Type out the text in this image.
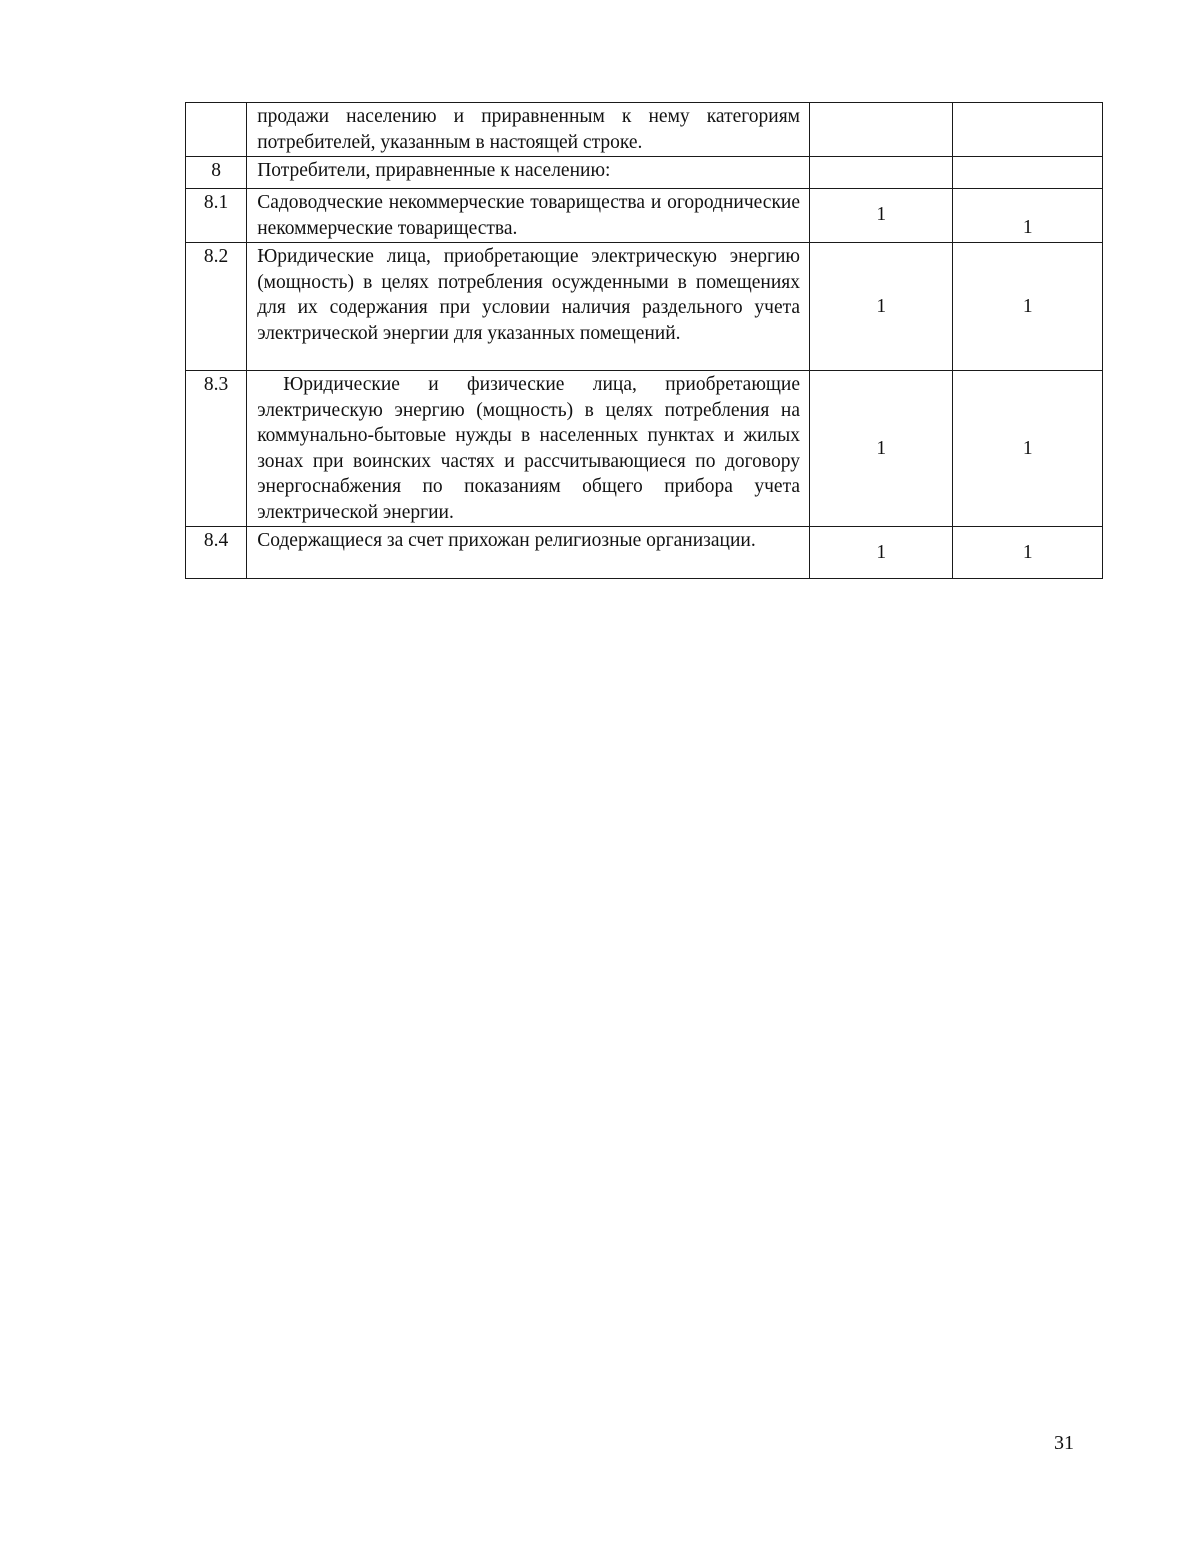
	продажи населению и приравненным к нему категориям потребителей, указанным в настоящей строке.		
8	Потребители, приравненные к населению:		
8.1	Садоводческие некоммерческие товарищества и огороднические некоммерческие товарищества.	1	1
8.2	Юридические лица, приобретающие электрическую энергию (мощность) в целях потребления осужденными в помещениях для их содержания при условии наличия раздельного учета электрической энергии для указанных помещений.	1	1
8.3	Юридические и физические лица, приобретающие электрическую энергию (мощность) в целях потребления на коммунально-бытовые нужды в населенных пунктах и жилых зонах при воинских частях и рассчитывающиеся по договору энергоснабжения по показаниям общего прибора учета электрической энергии.	1	1
8.4	Содержащиеся за счет прихожан религиозные организации.	1	1
31
